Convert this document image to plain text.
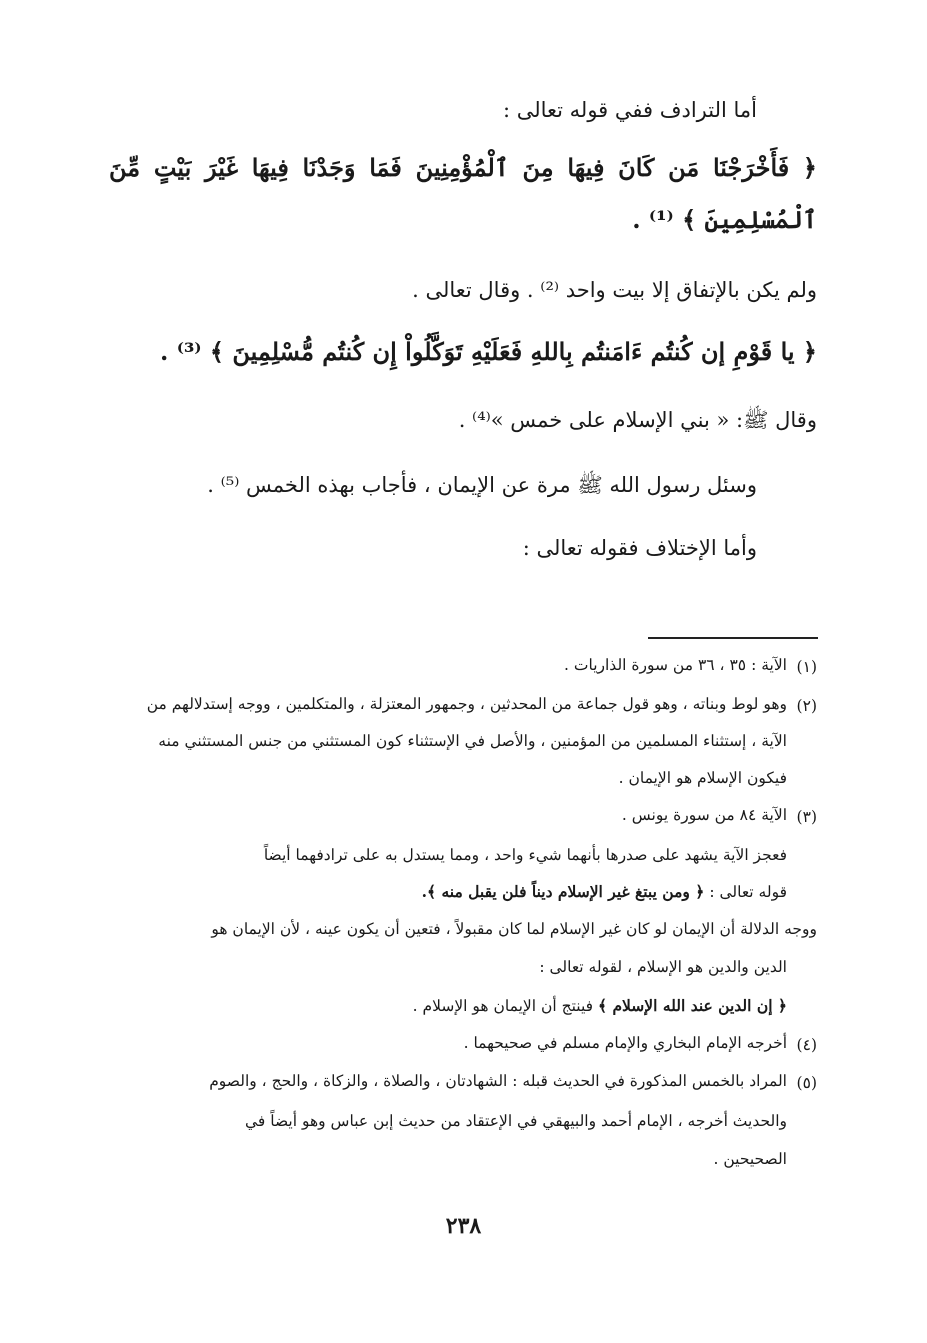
أما الترادف ففي قوله تعالى :
﴿ فَأَخْرَجْنَا مَن كَانَ فِيهَا مِنَ ٱلْمُؤْمِنِينَ فَمَا وَجَدْنَا فِيهَا غَيْرَ بَيْتٍ مِّنَ
ٱلْمُسْلِمِينَ ﴾ ⁽¹⁾ .
ولم يكن بالإتفاق إلا بيت واحد ⁽²⁾ . وقال تعالى .
﴿ يا قَوْمِ إن كُنتُم ءَامَنتُم بِاللهِ فَعَلَيْهِ تَوَكَّلُواْ إِن كُنتُم مُّسْلِمِينَ ﴾ ⁽³⁾ .
وقال ﷺ: « بني الإسلام على خمس »⁽⁴⁾ .
وسئل رسول الله ﷺ مرة عن الإيمان ، فأجاب بهذه الخمس ⁽⁵⁾ .
وأما الإختلاف فقوله تعالى :
(١)
الآية : ٣٥ ، ٣٦ من سورة الذاريات .
(٢)
وهو لوط وبناته ، وهو قول جماعة من المحدثين ، وجمهور المعتزلة ، والمتكلمين ، ووجه إستدلالهم من
الآية ، إستثناء المسلمين من المؤمنين ، والأصل في الإستثناء كون المستثني من جنس المستثني منه
فيكون الإسلام هو الإيمان .
(٣)
الآية ٨٤ من سورة يونس .
فعجز الآية يشهد على صدرها بأنهما شيء واحد ، ومما يستدل به على ترادفهما أيضاً
قوله تعالى : ﴿ ومن يبتغ غير الإسلام ديناً فلن يقبل منه ﴾.
ووجه الدلالة أن الإيمان لو كان غير الإسلام لما كان مقبولاً ، فتعين أن يكون عينه ، لأن الإيمان هو
الدين والدين هو الإسلام ، لقوله تعالى :
﴿ إن الدين عند الله الإسلام ﴾ فينتج أن الإيمان هو الإسلام .
(٤)
أخرجه الإمام البخاري والإمام مسلم في صحيحهما .
(٥)
المراد بالخمس المذكورة في الحديث قبله : الشهادتان ، والصلاة ، والزكاة ، والحج ، والصوم
والحديث أخرجه ، الإمام أحمد والبيهقي في الإعتقاد من حديث إبن عباس وهو أيضاً في
الصحيحين .
٢٣٨
